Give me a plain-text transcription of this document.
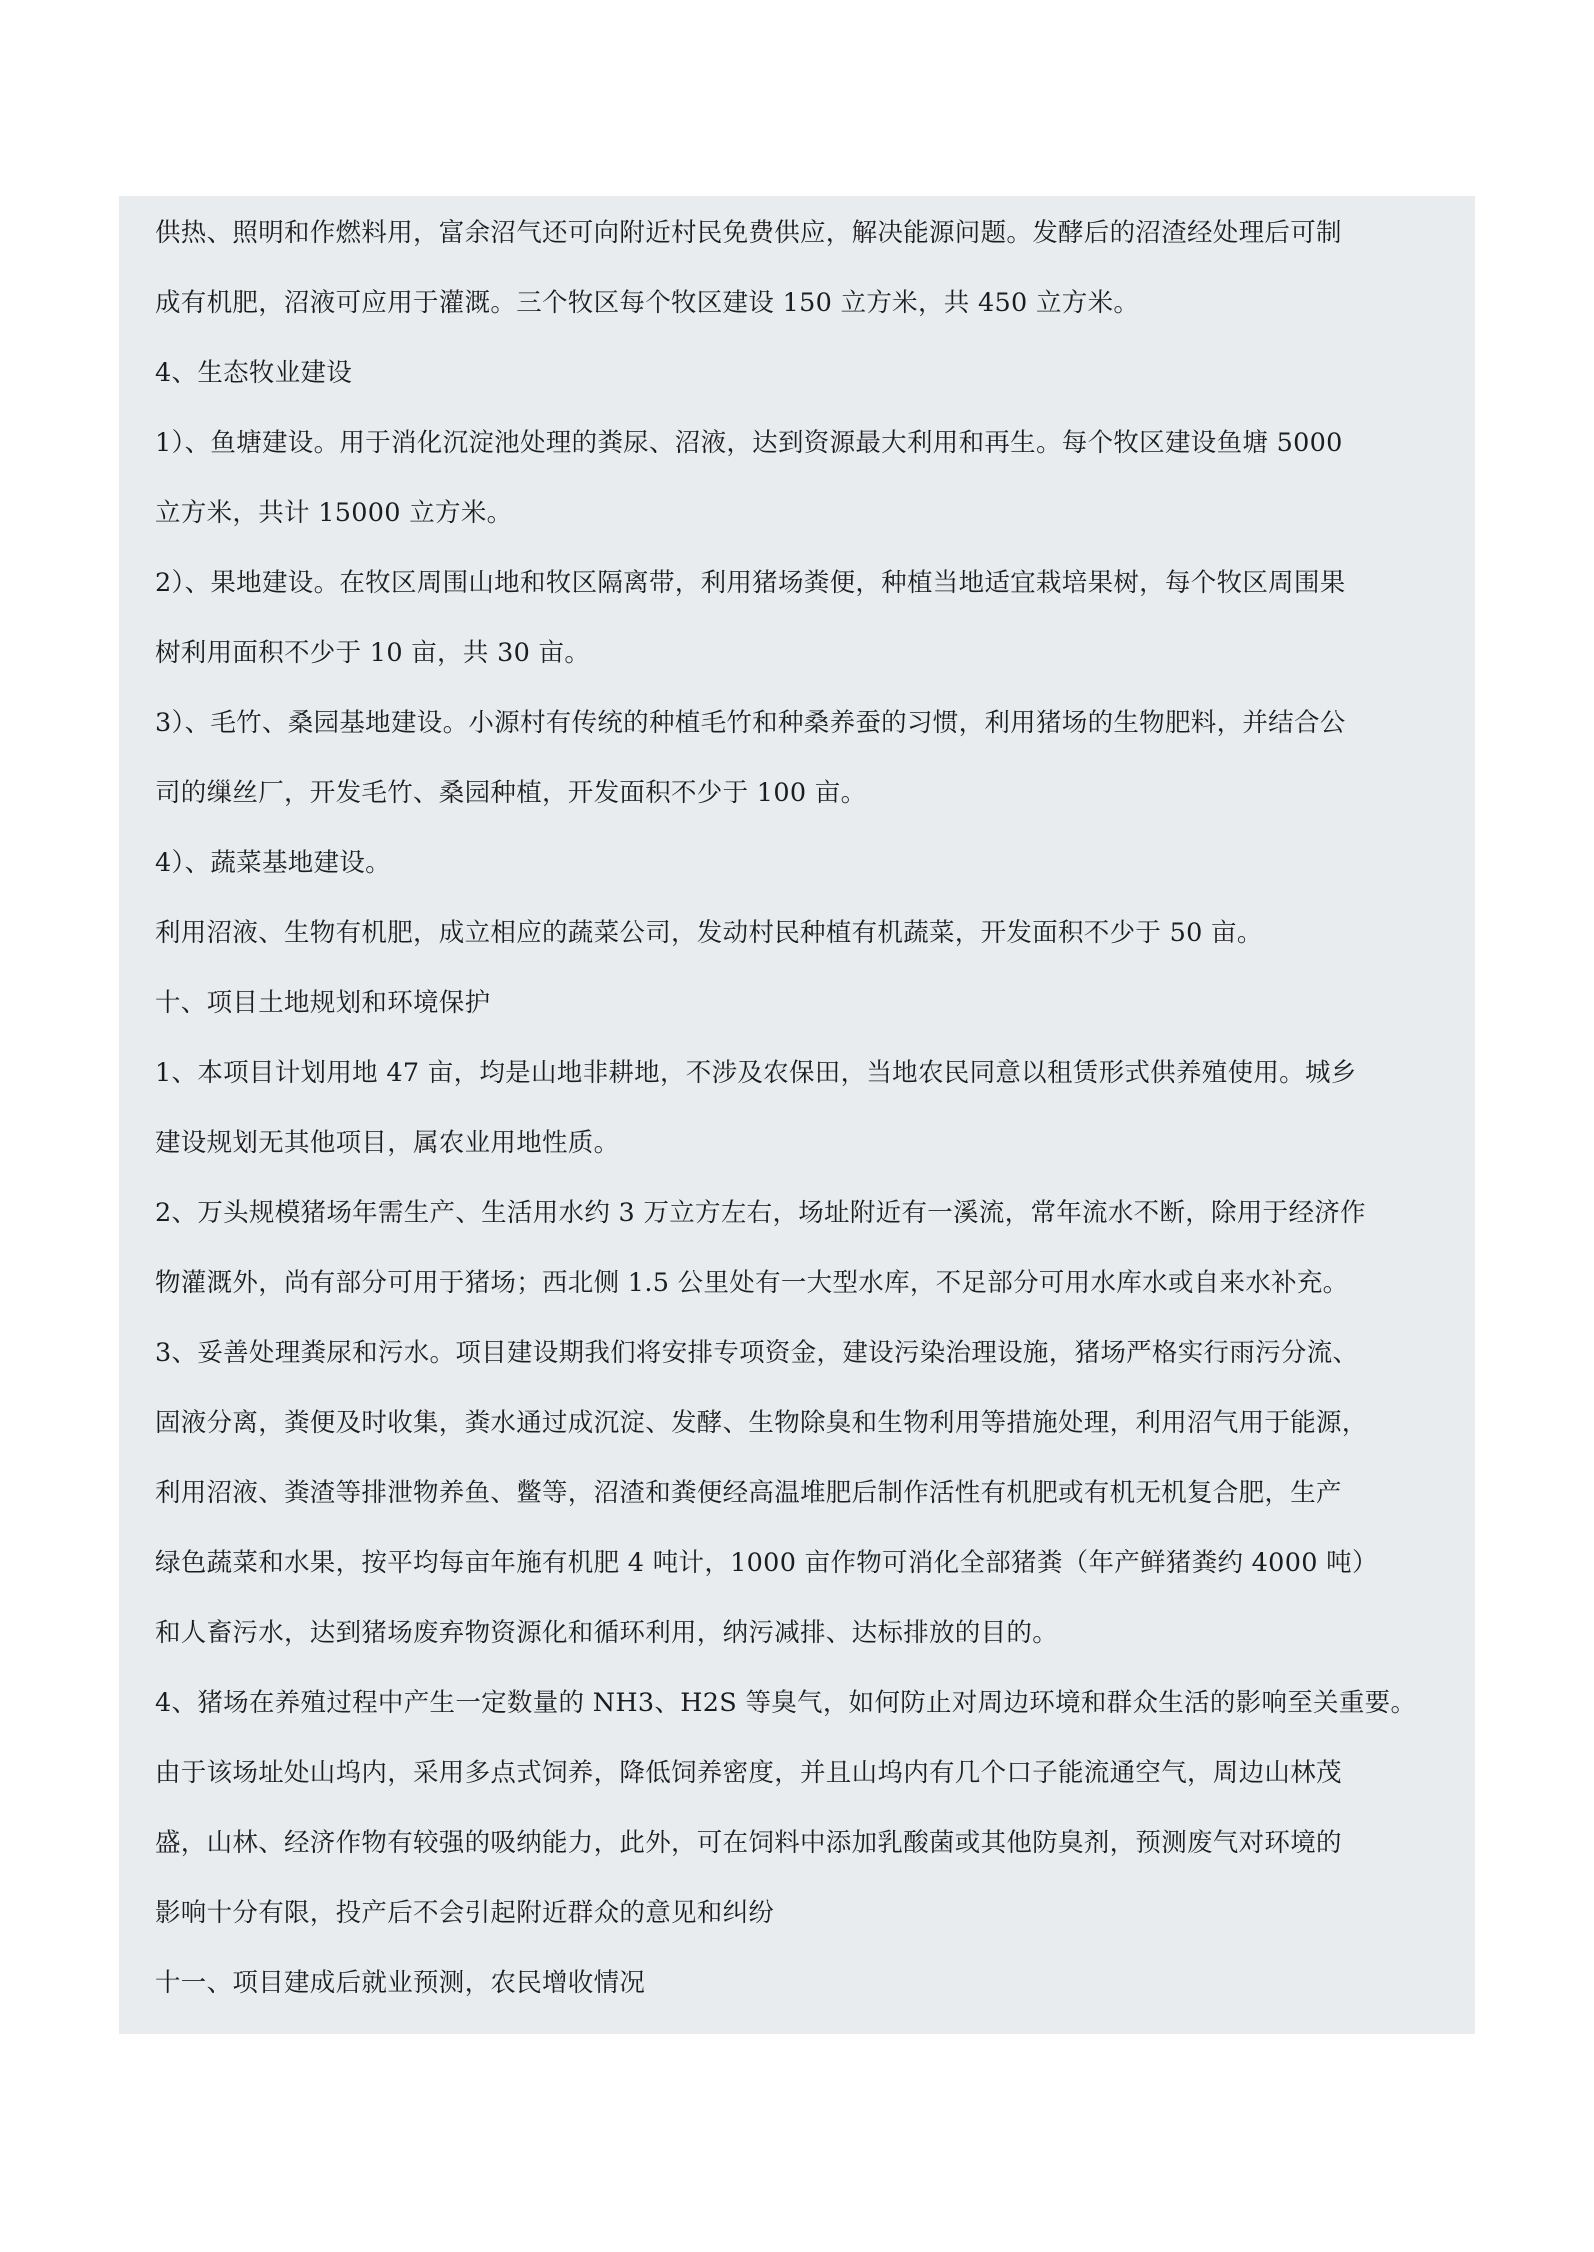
供热、照明和作燃料用，富余沼气还可向附近村民免费供应，解决能源问题。发酵后的沼渣经处理后可制
成有机肥，沼液可应用于灌溉。三个牧区每个牧区建设 150 立方米，共 450 立方米。
4、生态牧业建设
1）、鱼塘建设。用于消化沉淀池处理的粪尿、沼液，达到资源最大利用和再生。每个牧区建设鱼塘 5000
立方米，共计 15000 立方米。
2）、果地建设。在牧区周围山地和牧区隔离带，利用猪场粪便，种植当地适宜栽培果树，每个牧区周围果
树利用面积不少于 10 亩，共 30 亩。
3）、毛竹、桑园基地建设。小源村有传统的种植毛竹和种桑养蚕的习惯，利用猪场的生物肥料，并结合公
司的缫丝厂，开发毛竹、桑园种植，开发面积不少于 100 亩。
4）、蔬菜基地建设。
利用沼液、生物有机肥，成立相应的蔬菜公司，发动村民种植有机蔬菜，开发面积不少于 50 亩。
十、项目土地规划和环境保护
1、本项目计划用地 47 亩，均是山地非耕地，不涉及农保田，当地农民同意以租赁形式供养殖使用。城乡
建设规划无其他项目，属农业用地性质。
2、万头规模猪场年需生产、生活用水约 3 万立方左右，场址附近有一溪流，常年流水不断，除用于经济作
物灌溉外，尚有部分可用于猪场；西北侧 1.5 公里处有一大型水库，不足部分可用水库水或自来水补充。
3、妥善处理粪尿和污水。项目建设期我们将安排专项资金，建设污染治理设施，猪场严格实行雨污分流、
固液分离，粪便及时收集，粪水通过成沉淀、发酵、生物除臭和生物利用等措施处理，利用沼气用于能源，
利用沼液、粪渣等排泄物养鱼、鳖等，沼渣和粪便经高温堆肥后制作活性有机肥或有机无机复合肥，生产
绿色蔬菜和水果，按平均每亩年施有机肥 4 吨计，1000 亩作物可消化全部猪粪（年产鲜猪粪约 4000 吨）
和人畜污水，达到猪场废弃物资源化和循环利用，纳污减排、达标排放的目的。
4、猪场在养殖过程中产生一定数量的 NH3、H2S 等臭气，如何防止对周边环境和群众生活的影响至关重要。
由于该场址处山坞内，采用多点式饲养，降低饲养密度，并且山坞内有几个口子能流通空气，周边山林茂
盛，山林、经济作物有较强的吸纳能力，此外，可在饲料中添加乳酸菌或其他防臭剂，预测废气对环境的
影响十分有限，投产后不会引起附近群众的意见和纠纷
十一、项目建成后就业预测，农民增收情况
